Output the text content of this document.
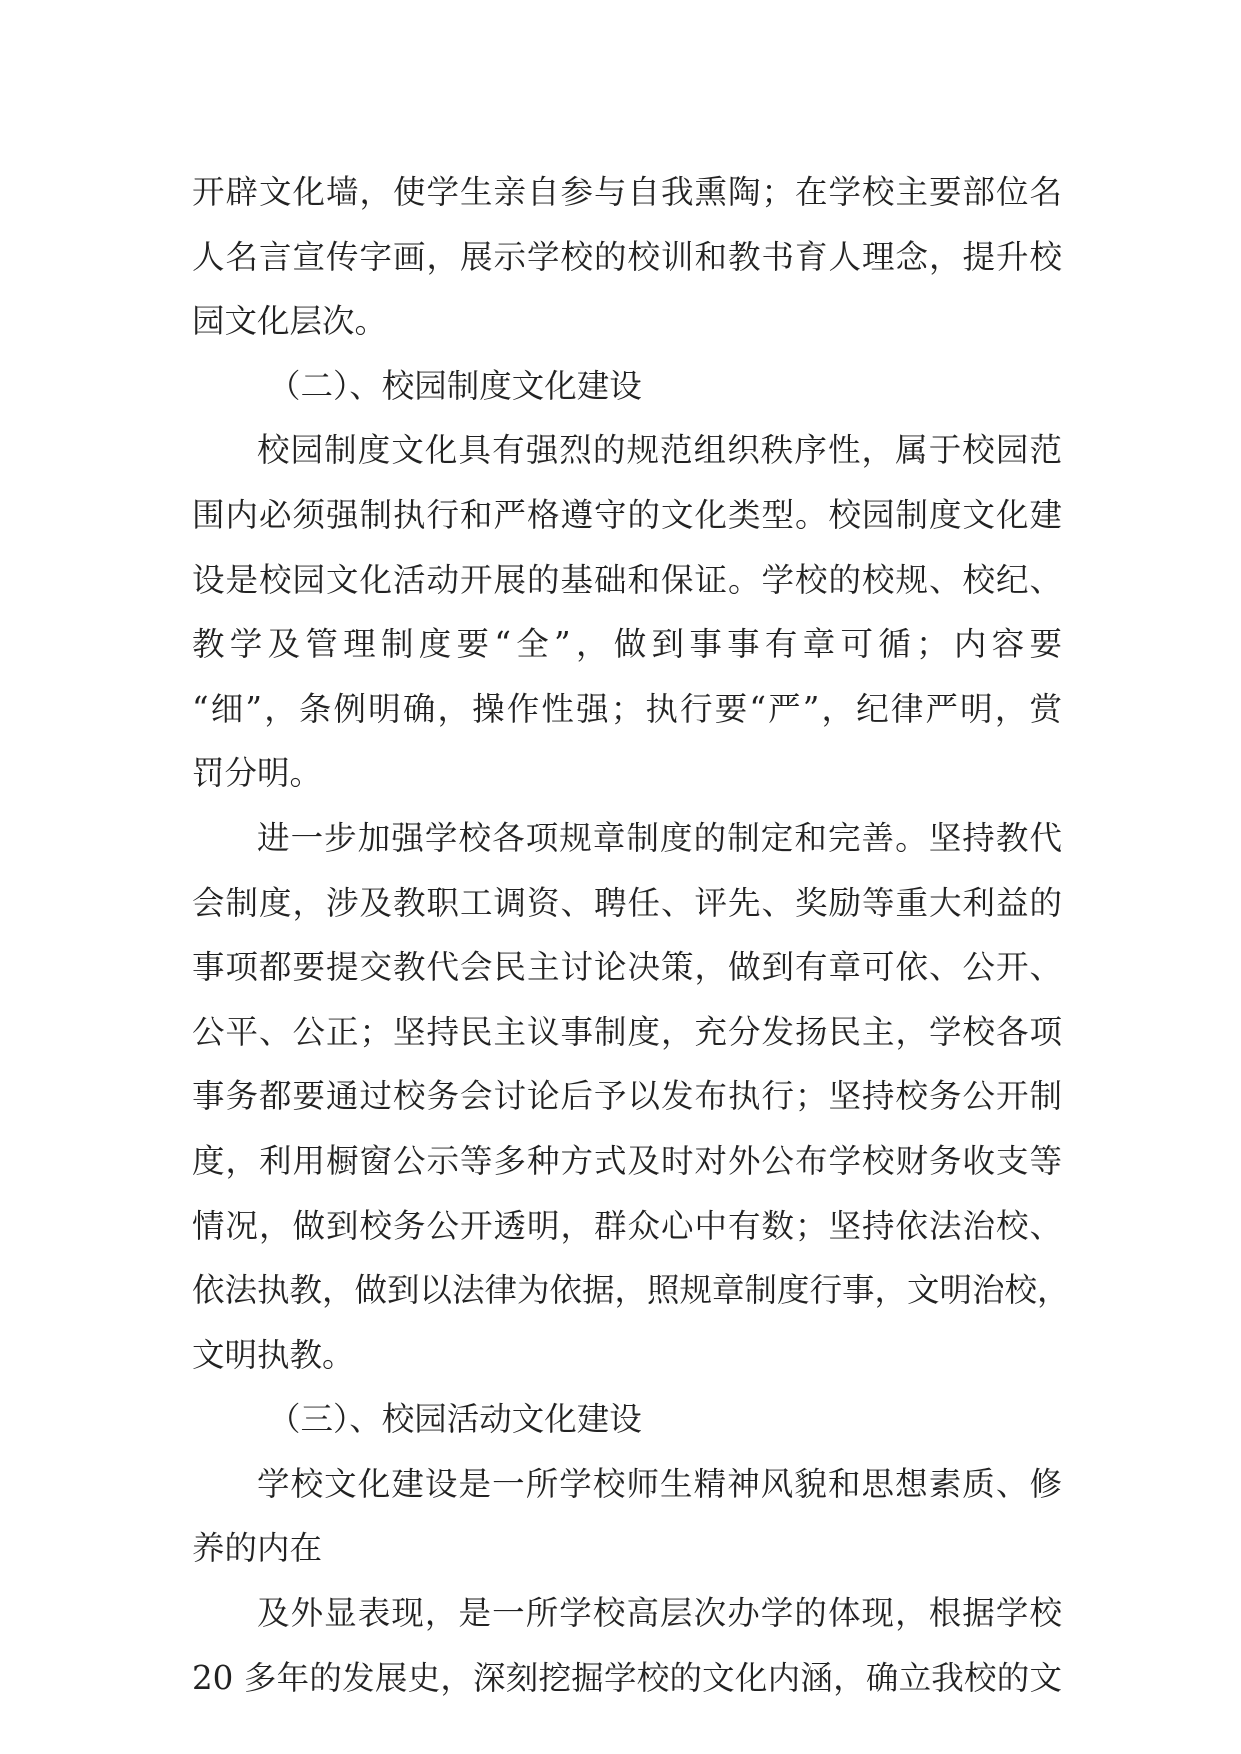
开辟文化墙，使学生亲自参与自我熏陶；在学校主要部位名
人名言宣传字画，展示学校的校训和教书育人理念，提升校
园文化层次。
（二）、校园制度文化建设
校园制度文化具有强烈的规范组织秩序性，属于校园范
围内必须强制执行和严格遵守的文化类型。校园制度文化建
设是校园文化活动开展的基础和保证。学校的校规、校纪、
教学及管理制度要“全”，做到事事有章可循；内容要
“细”，条例明确，操作性强；执行要“严”，纪律严明，赏
罚分明。
进一步加强学校各项规章制度的制定和完善。坚持教代
会制度，涉及教职工调资、聘任、评先、奖励等重大利益的
事项都要提交教代会民主讨论决策，做到有章可依、公开、
公平、公正；坚持民主议事制度，充分发扬民主，学校各项
事务都要通过校务会讨论后予以发布执行；坚持校务公开制
度，利用橱窗公示等多种方式及时对外公布学校财务收支等
情况，做到校务公开透明，群众心中有数；坚持依法治校、
依法执教，做到以法律为依据，照规章制度行事，文明治校，
文明执教。
（三）、校园活动文化建设
学校文化建设是一所学校师生精神风貌和思想素质、修
养的内在
及外显表现，是一所学校高层次办学的体现，根据学校
20 多年的发展史，深刻挖掘学校的文化内涵，确立我校的文
